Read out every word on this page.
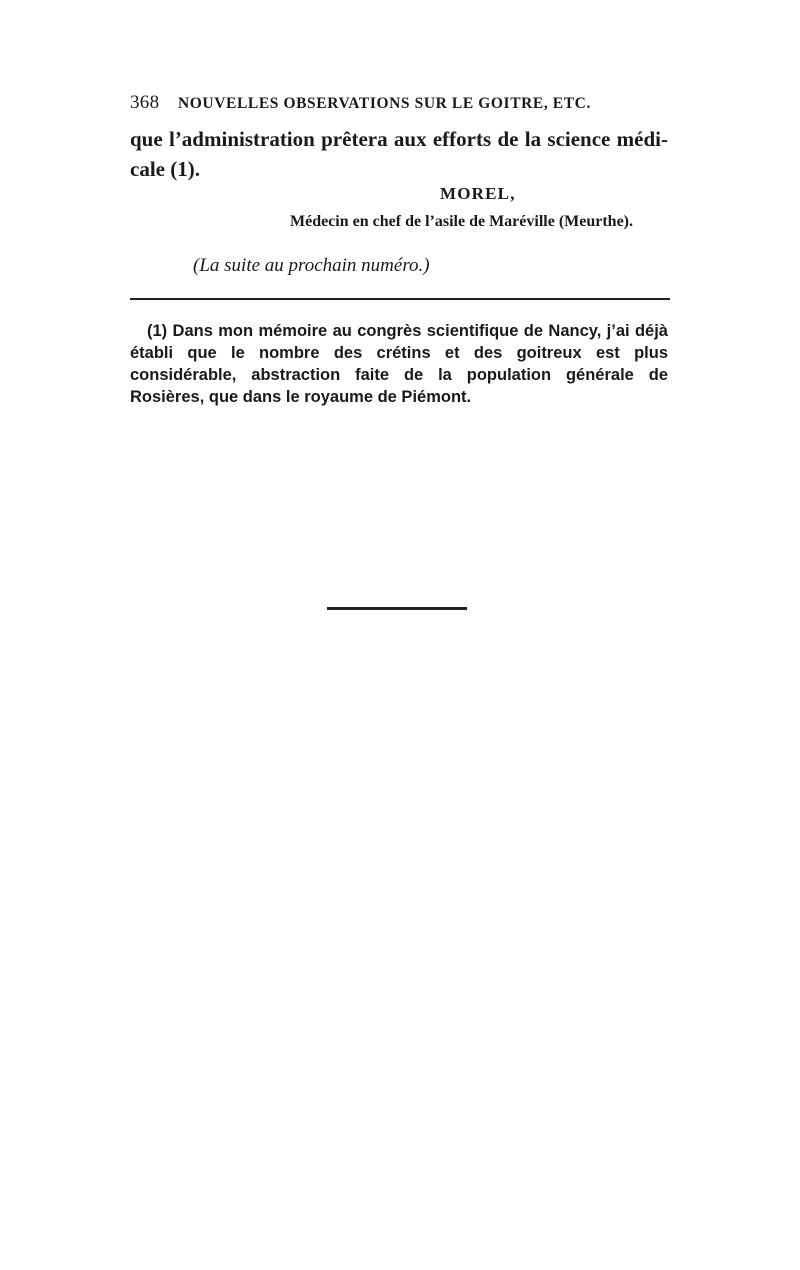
368 NOUVELLES OBSERVATIONS SUR LE GOITRE, ETC.
que l’administration prêtera aux efforts de la science médi-cale (1).
MOREL,
Médecin en chef de l’asile de Maréville (Meurthe).
(La suite au prochain numéro.)
(1) Dans mon mémoire au congrès scientifique de Nancy, j’ai déjà établi que le nombre des crétins et des goitreux est plus considérable, abstraction faite de la population générale de Rosières, que dans le royaume de Piémont.
